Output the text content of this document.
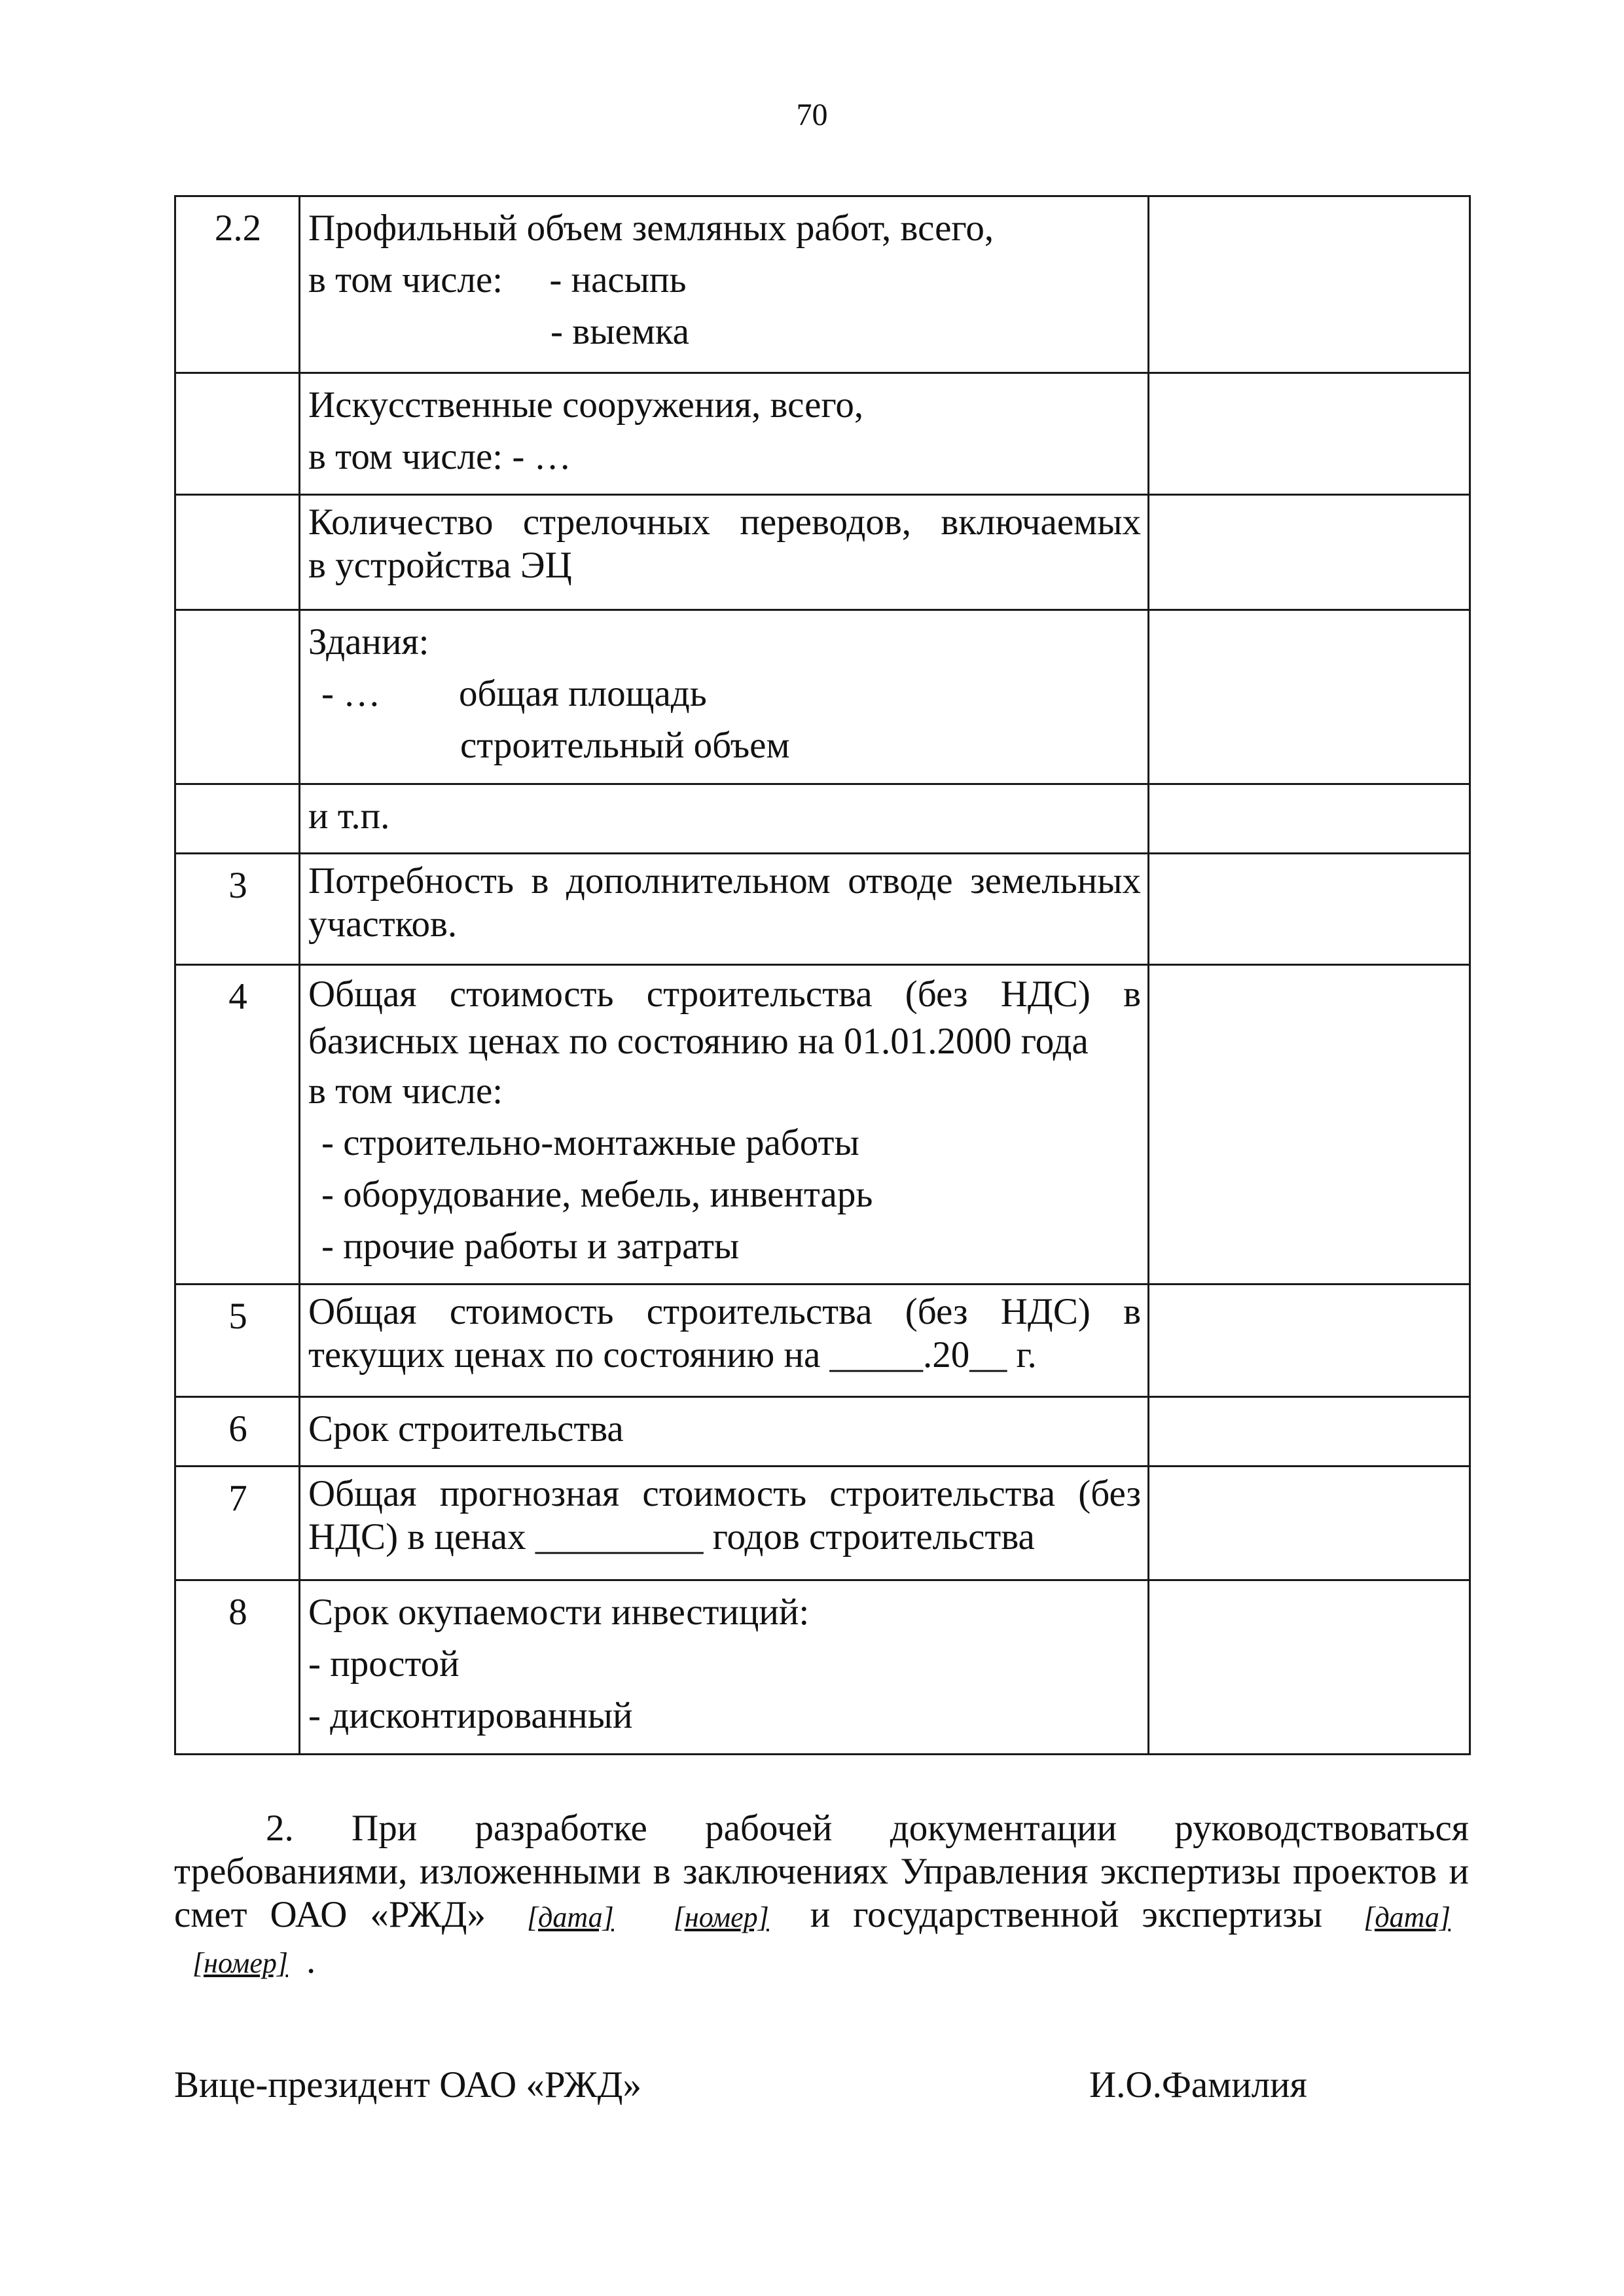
70
2.2	Профильный объем земляных работ, всего,
в том числе: - насыпь
- выемка	

	Искусственные сооружения, всего,
в том числе: - …	

	Количество стрелочных переводов, включаемых
в устройства ЭЦ	

	Здания:
- … общая площадь
строительный объем	

	и т.п.	

3	Потребность в дополнительном отводе земельных участков.	

4	Общая стоимость строительства (без НДС) в базисных ценах по состоянию на 01.01.2000 года
в том числе:
- строительно-монтажные работы
- оборудование, мебель, инвентарь
- прочие работы и затраты	

5	Общая стоимость строительства (без НДС) в текущих ценах по состоянию на _____.20__ г.	

6	Срок строительства	

7	Общая прогнозная стоимость строительства (без НДС) в ценах _________ годов строительства	

8	Срок окупаемости инвестиций:
- простой
- дисконтированный	

2. При разработке рабочей документации руководствоваться требованиями, изложенными в заключениях Управления экспертизы проектов и смет ОАО «РЖД» [дата] [номер] и государственной экспертизы [дата] [номер] .
Вице-президент ОАО «РЖД»	И.О.Фамилия
